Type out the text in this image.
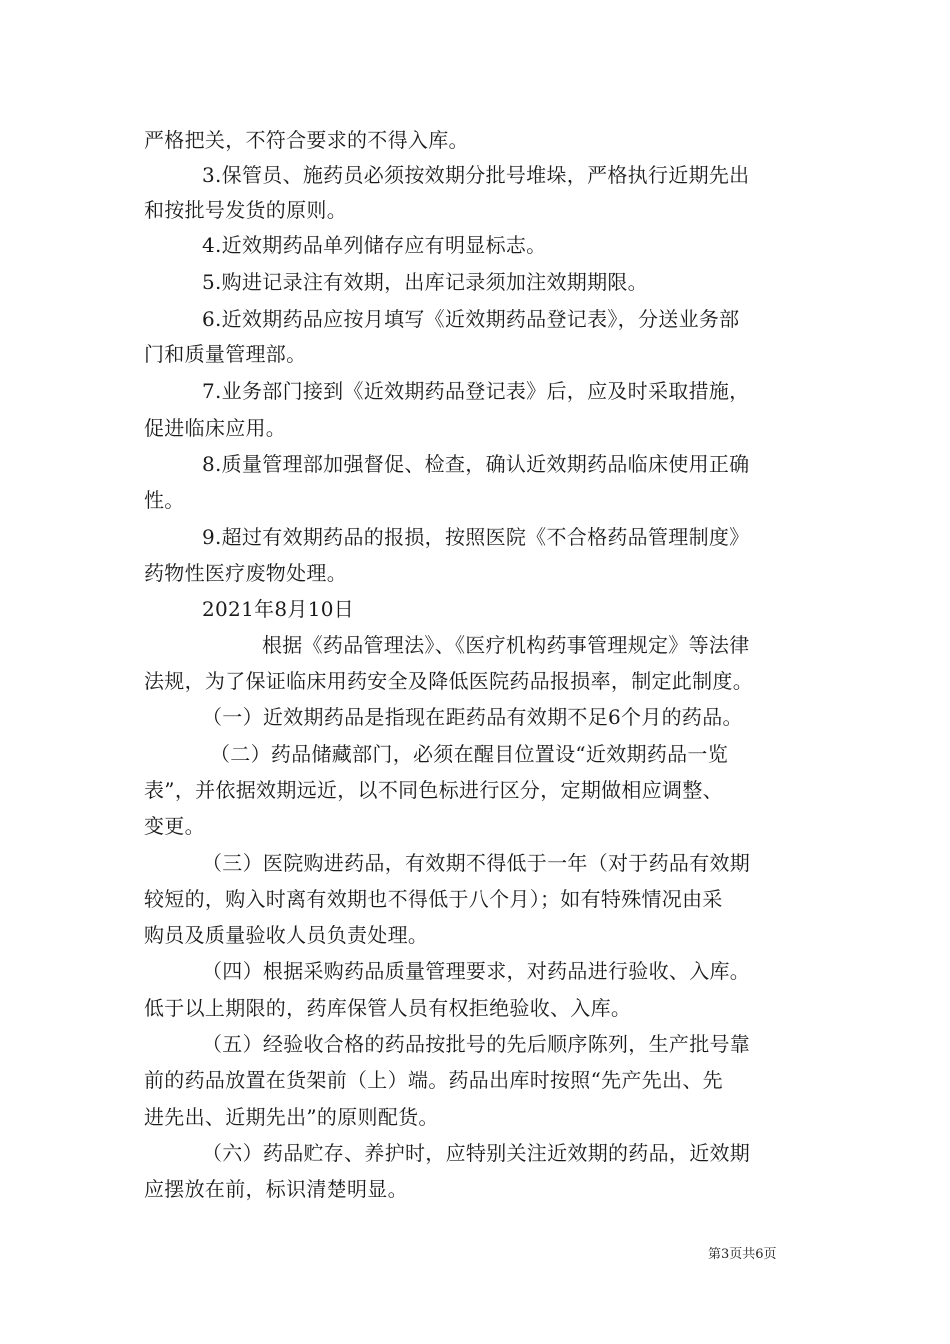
严格把关，不符合要求的不得入库。
3.保管员、施药员必须按效期分批号堆垛，严格执行近期先出
和按批号发货的原则。
4.近效期药品单列储存应有明显标志。
5.购进记录注有效期，出库记录须加注效期期限。
6.近效期药品应按月填写《近效期药品登记表》，分送业务部
门和质量管理部。
7.业务部门接到《近效期药品登记表》后，应及时采取措施，
促进临床应用。
8.质量管理部加强督促、检查，确认近效期药品临床使用正确
性。
9.超过有效期药品的报损，按照医院《不合格药品管理制度》
药物性医疗废物处理。
2021年8月10日
根据《药品管理法》、《医疗机构药事管理规定》等法律
法规，为了保证临床用药安全及降低医院药品报损率，制定此制度。
（一）近效期药品是指现在距药品有效期不足6个月的药品。
（二）药品储藏部门，必须在醒目位置设“近效期药品一览
表”，并依据效期远近，以不同色标进行区分，定期做相应调整、
变更。
（三）医院购进药品，有效期不得低于一年（对于药品有效期
较短的，购入时离有效期也不得低于八个月）；如有特殊情况由采
购员及质量验收人员负责处理。
（四）根据采购药品质量管理要求，对药品进行验收、入库。
低于以上期限的，药库保管人员有权拒绝验收、入库。
（五）经验收合格的药品按批号的先后顺序陈列，生产批号靠
前的药品放置在货架前（上）端。药品出库时按照“先产先出、先
进先出、近期先出”的原则配货。
（六）药品贮存、养护时，应特别关注近效期的药品，近效期
应摆放在前，标识清楚明显。
第3页共6页
